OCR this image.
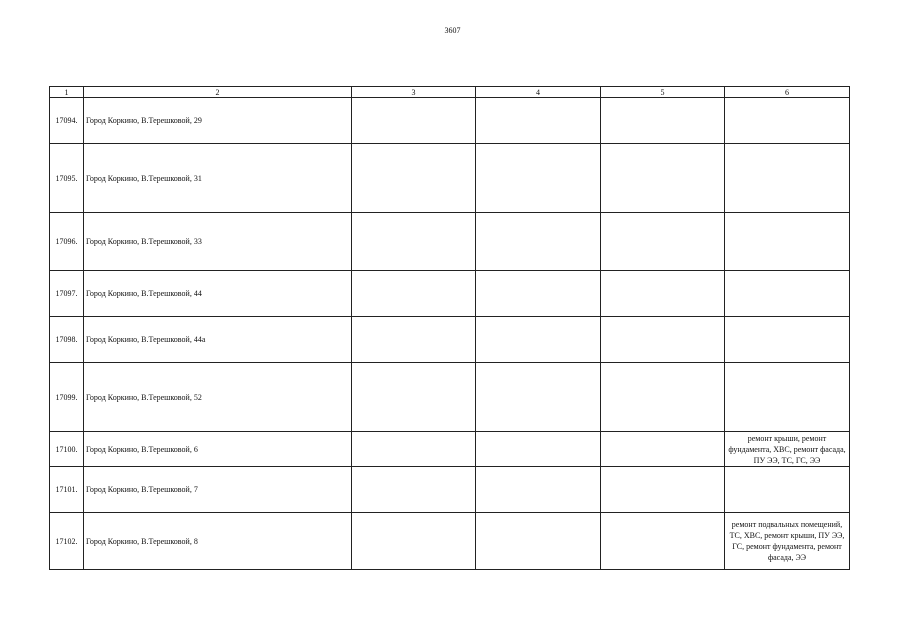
3607
1	2	3	4	5	6
17094.	Город Коркино, В.Терешковой, 29				
17095.	Город Коркино, В.Терешковой, 31				
17096.	Город Коркино, В.Терешковой, 33				
17097.	Город Коркино, В.Терешковой, 44				
17098.	Город Коркино, В.Терешковой, 44а				
17099.	Город Коркино, В.Терешковой, 52				
17100.	Город Коркино, В.Терешковой, 6				ремонт крыши, ремонт фундамента, ХВС, ремонт фасада, ПУ ЭЭ, ТС, ГС, ЭЭ
17101.	Город Коркино, В.Терешковой, 7				
17102.	Город Коркино, В.Терешковой, 8				ремонт подвальных помещений, ТС, ХВС, ремонт крыши, ПУ ЭЭ, ГС, ремонт фундамента, ремонт фасада, ЭЭ
